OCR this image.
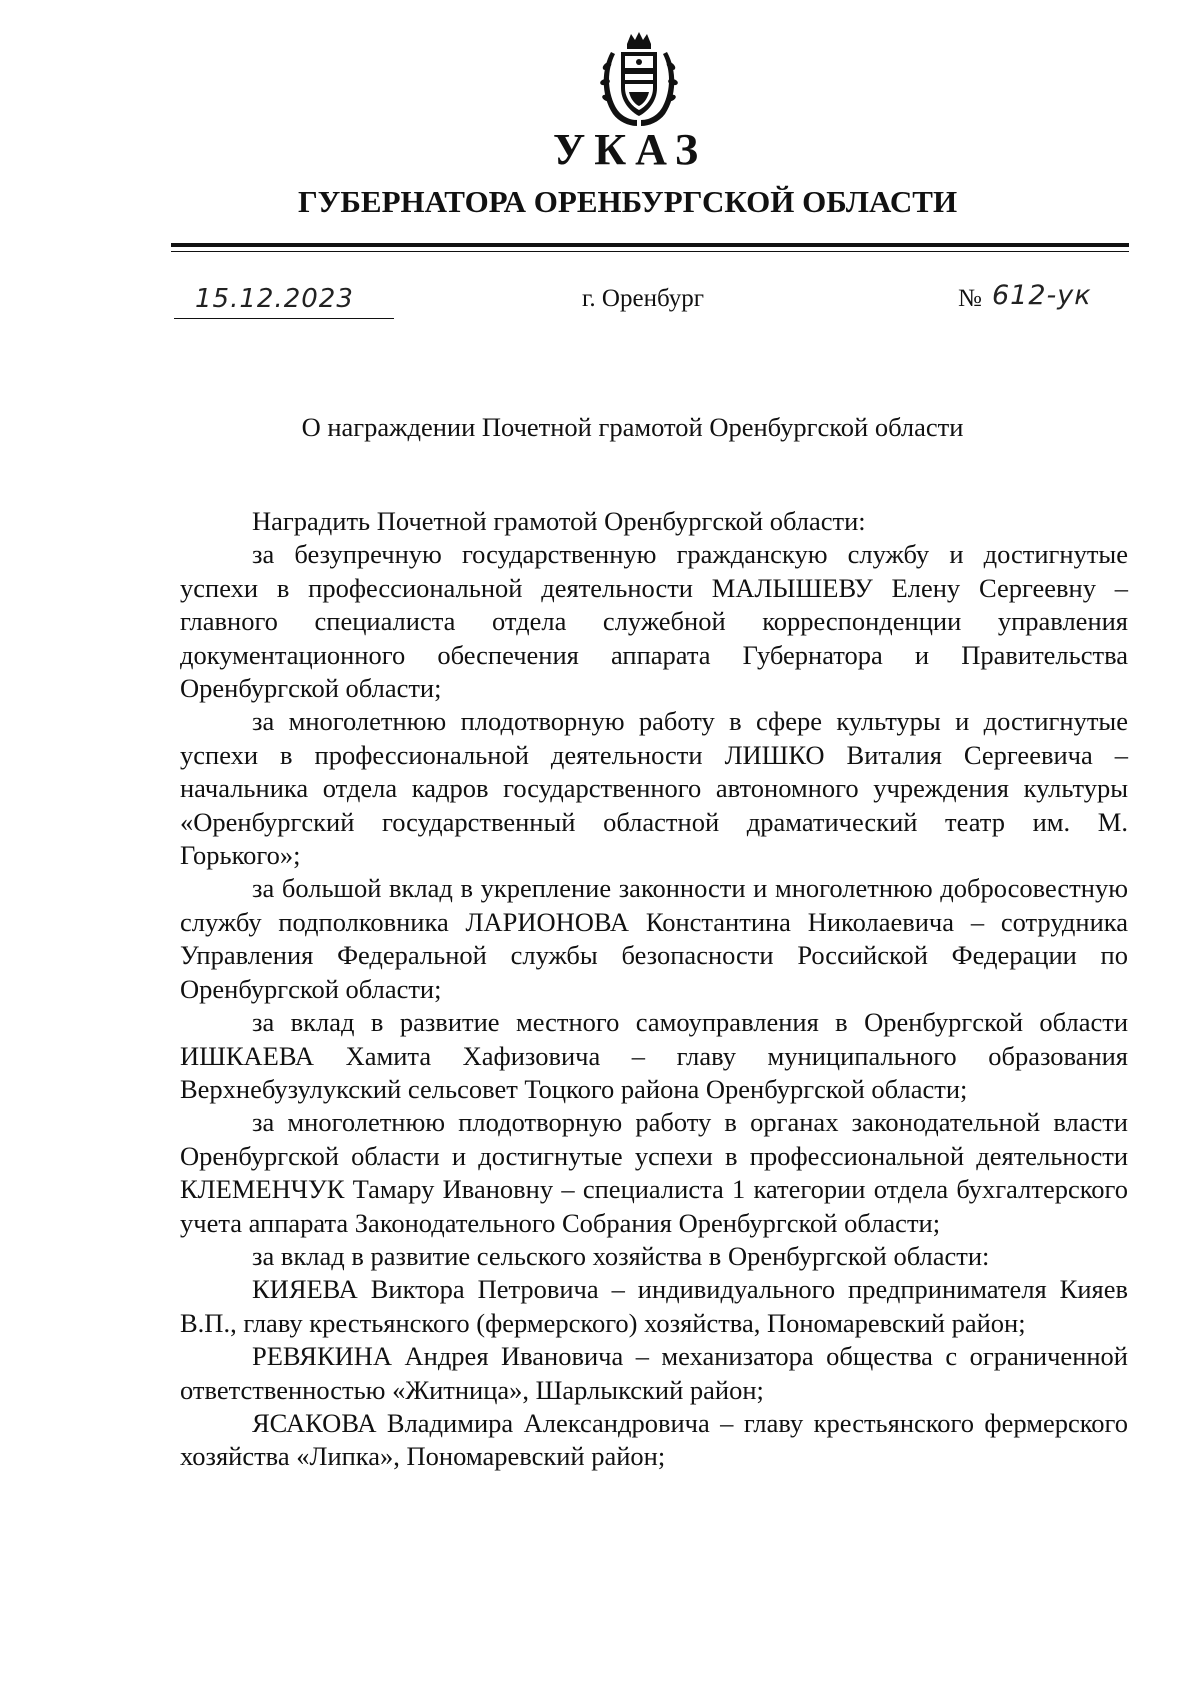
УКАЗ
ГУБЕРНАТОРА ОРЕНБУРГСКОЙ ОБЛАСТИ
15.12.2023	г. Оренбург	№ 612-ук
О награждении Почетной грамотой Оренбургской области

Наградить Почетной грамотой Оренбургской области:

за безупречную государственную гражданскую службу и достигнутые успехи в профессиональной деятельности МАЛЫШЕВУ Елену Сергеевну – главного специалиста отдела служебной корреспонденции управления документационного обеспечения аппарата Губернатора и Правительства Оренбургской области;

за многолетнюю плодотворную работу в сфере культуры и достигнутые успехи в профессиональной деятельности ЛИШКО Виталия Сергеевича – начальника отдела кадров государственного автономного учреждения культуры «Оренбургский государственный областной драматический театр им. М. Горького»;

за большой вклад в укрепление законности и многолетнюю добросовестную службу подполковника ЛАРИОНОВА Константина Николаевича – сотрудника Управления Федеральной службы безопасности Российской Федерации по Оренбургской области;

за вклад в развитие местного самоуправления в Оренбургской области ИШКАЕВА Хамита Хафизовича – главу муниципального образования Верхнебузулукский сельсовет Тоцкого района Оренбургской области;

за многолетнюю плодотворную работу в органах законодательной власти Оренбургской области и достигнутые успехи в профессиональной деятельности КЛЕМЕНЧУК Тамару Ивановну – специалиста 1 категории отдела бухгалтерского учета аппарата Законодательного Собрания Оренбургской области;

за вклад в развитие сельского хозяйства в Оренбургской области:

КИЯЕВА Виктора Петровича – индивидуального предпринимателя Кияев В.П., главу крестьянского (фермерского) хозяйства, Пономаревский район;

РЕВЯКИНА Андрея Ивановича – механизатора общества с ограниченной ответственностью «Житница», Шарлыкский район;

ЯСАКОВА Владимира Александровича – главу крестьянского фермерского хозяйства «Липка», Пономаревский район;
